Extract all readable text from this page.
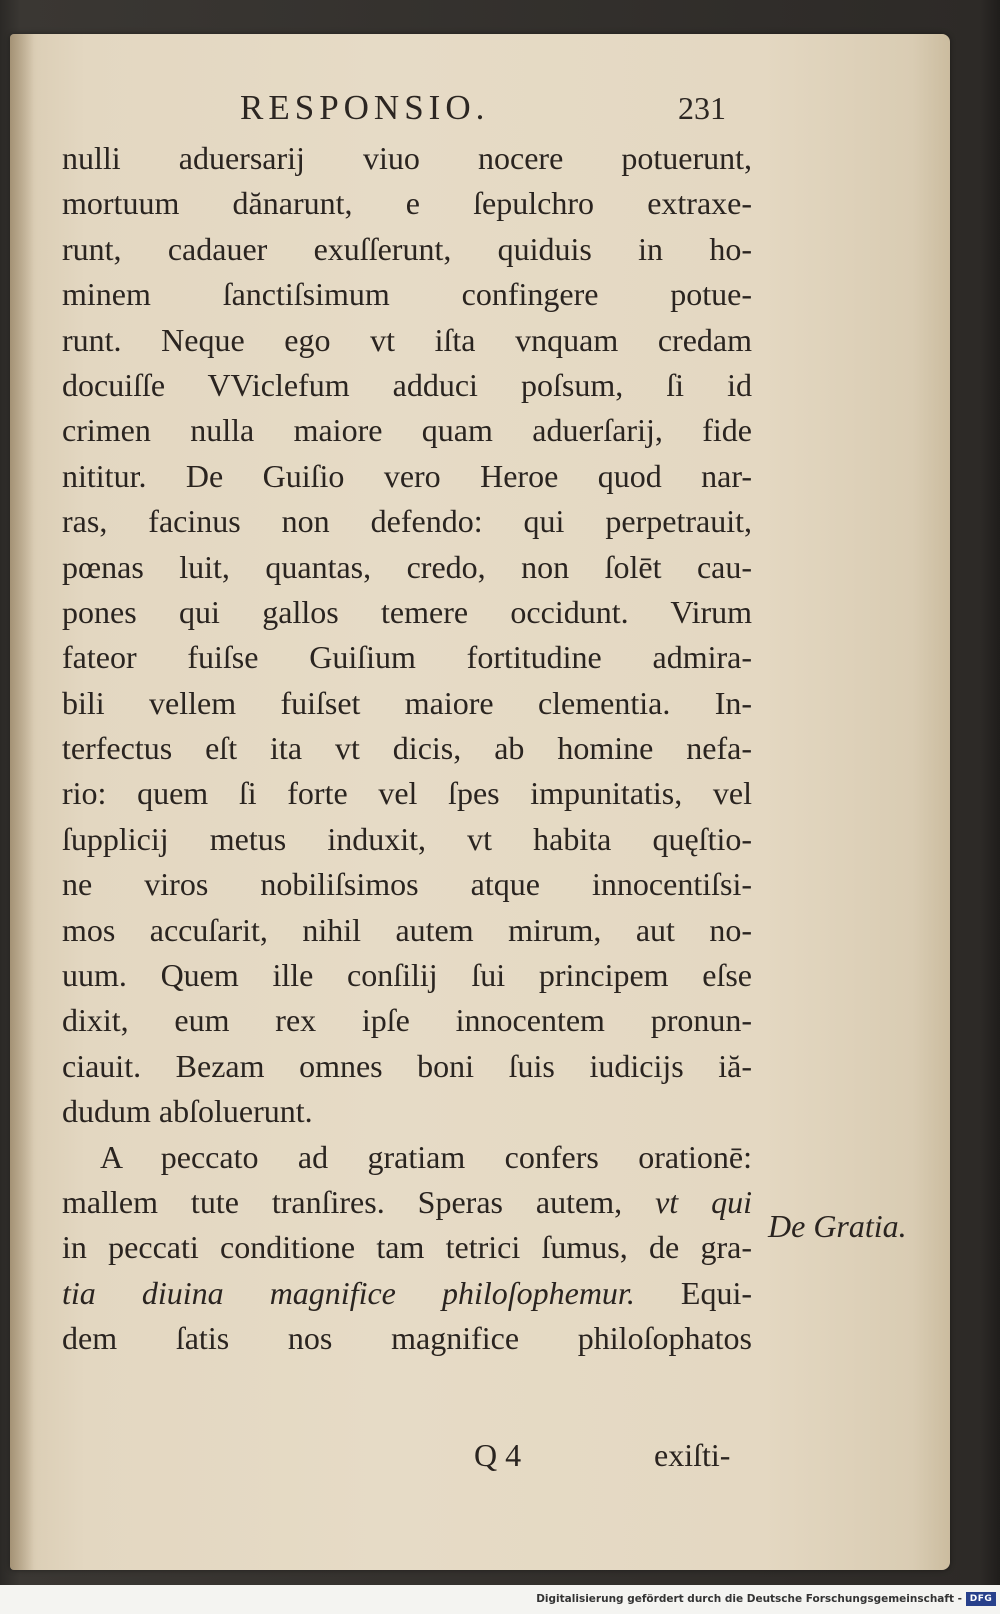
RESPONSIO.	231
nulli aduersarij viuo nocere potuerunt,
mortuum dănarunt, e ſepulchro extraxe-
runt, cadauer exuſſerunt, quiduis in ho-
minem ſanctiſsimum confingere potue-
runt. Neque ego vt iſta vnquam credam
docuiſſe VViclefum adduci poſsum, ſi id
crimen nulla maiore quam aduerſarij, fide
nititur. De Guiſio vero Heroe quod nar-
ras, facinus non defendo: qui perpetrauit,
pœnas luit, quantas, credo, non ſolēt cau-
pones qui gallos temere occidunt. Virum
fateor fuiſse Guiſium fortitudine admira-
bili vellem fuiſset maiore clementia. In-
terfectus eſt ita vt dicis, ab homine nefa-
rio: quem ſi forte vel ſpes impunitatis, vel
ſupplicij metus induxit, vt habita quęſtio-
ne viros nobiliſsimos atque innocentiſsi-
mos accuſarit, nihil autem mirum, aut no-
uum. Quem ille conſilij ſui principem eſse
dixit, eum rex ipſe innocentem pronun-
ciauit. Bezam omnes boni ſuis iudicijs iă-
dudum abſoluerunt.
A peccato ad gratiam confers orationē:
mallem tute tranſires. Speras autem, vt qui
in peccati conditione tam tetrici ſumus, de gra-
tia diuina magnifice philoſophemur. Equi-
dem ſatis nos magnifice philoſophatos
De Gratia.
Q 4	exiſti-
Digitalisierung gefördert durch die Deutsche Forschungsgemeinschaft - DFG
